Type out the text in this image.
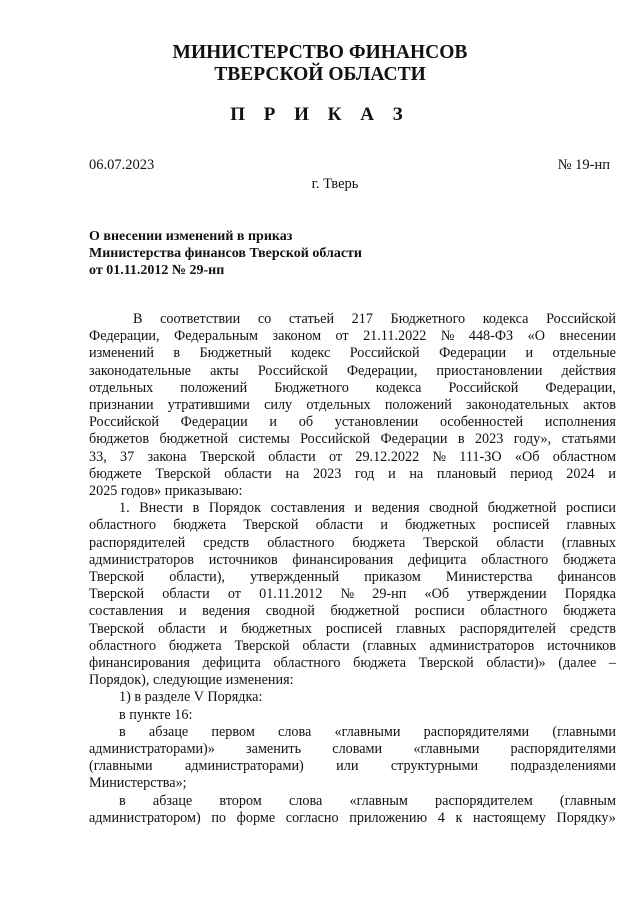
МИНИСТЕРСТВО ФИНАНСОВ
ТВЕРСКОЙ ОБЛАСТИ
П Р И К А З
06.07.2023	№ 19-нп
г. Тверь
О внесении изменений в приказ
Министерства финансов Тверской области
от 01.11.2012 № 29-нп
В соответствии со статьей 217 Бюджетного кодекса Российской
Федерации, Федеральным законом от 21.11.2022 № 448-ФЗ «О внесении
изменений в Бюджетный кодекс Российской Федерации и отдельные
законодательные акты Российской Федерации, приостановлении действия
отдельных положений Бюджетного кодекса Российской Федерации,
признании утратившими силу отдельных положений законодательных актов
Российской Федерации и об установлении особенностей исполнения
бюджетов бюджетной системы Российской Федерации в 2023 году», статьями
33, 37 закона Тверской области от 29.12.2022 № 111-ЗО «Об областном
бюджете Тверской области на 2023 год и на плановый период 2024 и
2025 годов» приказываю:
1. Внести в Порядок составления и ведения сводной бюджетной росписи
областного бюджета Тверской области и бюджетных росписей главных
распорядителей средств областного бюджета Тверской области (главных
администраторов источников финансирования дефицита областного бюджета
Тверской области), утвержденный приказом Министерства финансов
Тверской области от 01.11.2012 № 29-нп «Об утверждении Порядка
составления и ведения сводной бюджетной росписи областного бюджета
Тверской области и бюджетных росписей главных распорядителей средств
областного бюджета Тверской области (главных администраторов источников
финансирования дефицита областного бюджета Тверской области)» (далее –
Порядок), следующие изменения:
1) в разделе V Порядка:
в пункте 16:
в абзаце первом слова «главными распорядителями (главными
администраторами)» заменить словами «главными распорядителями
(главными администраторами) или структурными подразделениями
Министерства»;
в абзаце втором слова «главным распорядителем (главным
администратором) по форме согласно приложению 4 к настоящему Порядку»
